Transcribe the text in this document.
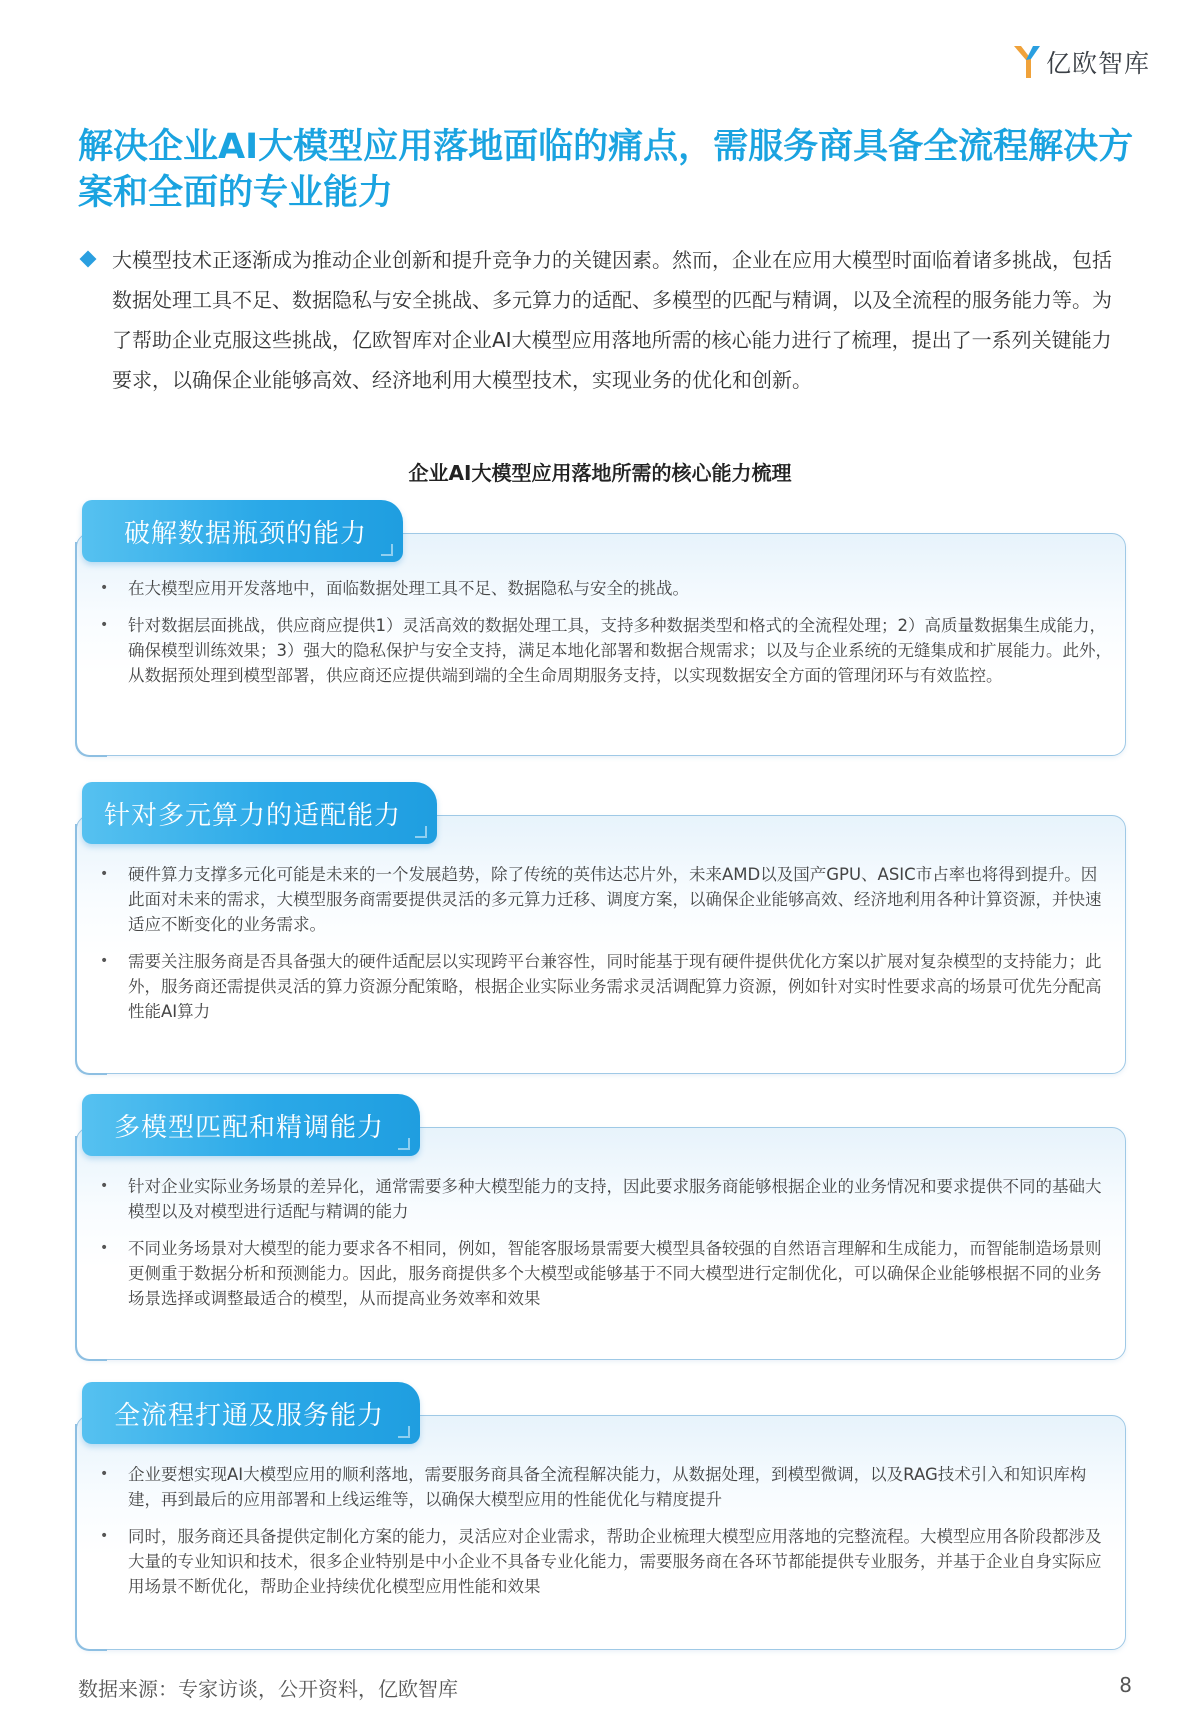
亿欧智库
解决企业AI大模型应用落地面临的痛点，需服务商具备全流程解决方案和全面的专业能力

大模型技术正逐渐成为推动企业创新和提升竞争力的关键因素。然而，企业在应用大模型时面临着诸多挑战，包括数据处理工具不足、数据隐私与安全挑战、多元算力的适配、多模型的匹配与精调，以及全流程的服务能力等。为了帮助企业克服这些挑战，亿欧智库对企业AI大模型应用落地所需的核心能力进行了梳理，提出了一系列关键能力要求，以确保企业能够高效、经济地利用大模型技术，实现业务的优化和创新。

企业AI大模型应用落地所需的核心能力梳理
破解数据瓶颈的能力
• 在大模型应用开发落地中，面临数据处理工具不足、数据隐私与安全的挑战。
• 针对数据层面挑战，供应商应提供1）灵活高效的数据处理工具，支持多种数据类型和格式的全流程处理；2）高质量数据集生成能力，确保模型训练效果；3）强大的隐私保护与安全支持，满足本地化部署和数据合规需求；以及与企业系统的无缝集成和扩展能力。此外，从数据预处理到模型部署，供应商还应提供端到端的全生命周期服务支持，以实现数据安全方面的管理闭环与有效监控。
针对多元算力的适配能力
• 硬件算力支撑多元化可能是未来的一个发展趋势，除了传统的英伟达芯片外，未来AMD以及国产GPU、ASIC市占率也将得到提升。因此面对未来的需求，大模型服务商需要提供灵活的多元算力迁移、调度方案，以确保企业能够高效、经济地利用各种计算资源，并快速适应不断变化的业务需求。
• 需要关注服务商是否具备强大的硬件适配层以实现跨平台兼容性，同时能基于现有硬件提供优化方案以扩展对复杂模型的支持能力；此外，服务商还需提供灵活的算力资源分配策略，根据企业实际业务需求灵活调配算力资源，例如针对实时性要求高的场景可优先分配高性能AI算力
多模型匹配和精调能力
• 针对企业实际业务场景的差异化，通常需要多种大模型能力的支持，因此要求服务商能够根据企业的业务情况和要求提供不同的基础大模型以及对模型进行适配与精调的能力
• 不同业务场景对大模型的能力要求各不相同，例如，智能客服场景需要大模型具备较强的自然语言理解和生成能力，而智能制造场景则更侧重于数据分析和预测能力。因此，服务商提供多个大模型或能够基于不同大模型进行定制优化，可以确保企业能够根据不同的业务场景选择或调整最适合的模型，从而提高业务效率和效果
全流程打通及服务能力
• 企业要想实现AI大模型应用的顺利落地，需要服务商具备全流程解决能力，从数据处理，到模型微调，以及RAG技术引入和知识库构建，再到最后的应用部署和上线运维等，以确保大模型应用的性能优化与精度提升
• 同时，服务商还具备提供定制化方案的能力，灵活应对企业需求，帮助企业梳理大模型应用落地的完整流程。大模型应用各阶段都涉及大量的专业知识和技术，很多企业特别是中小企业不具备专业化能力，需要服务商在各环节都能提供专业服务，并基于企业自身实际应用场景不断优化，帮助企业持续优化模型应用性能和效果
数据来源：专家访谈，公开资料，亿欧智库	8
